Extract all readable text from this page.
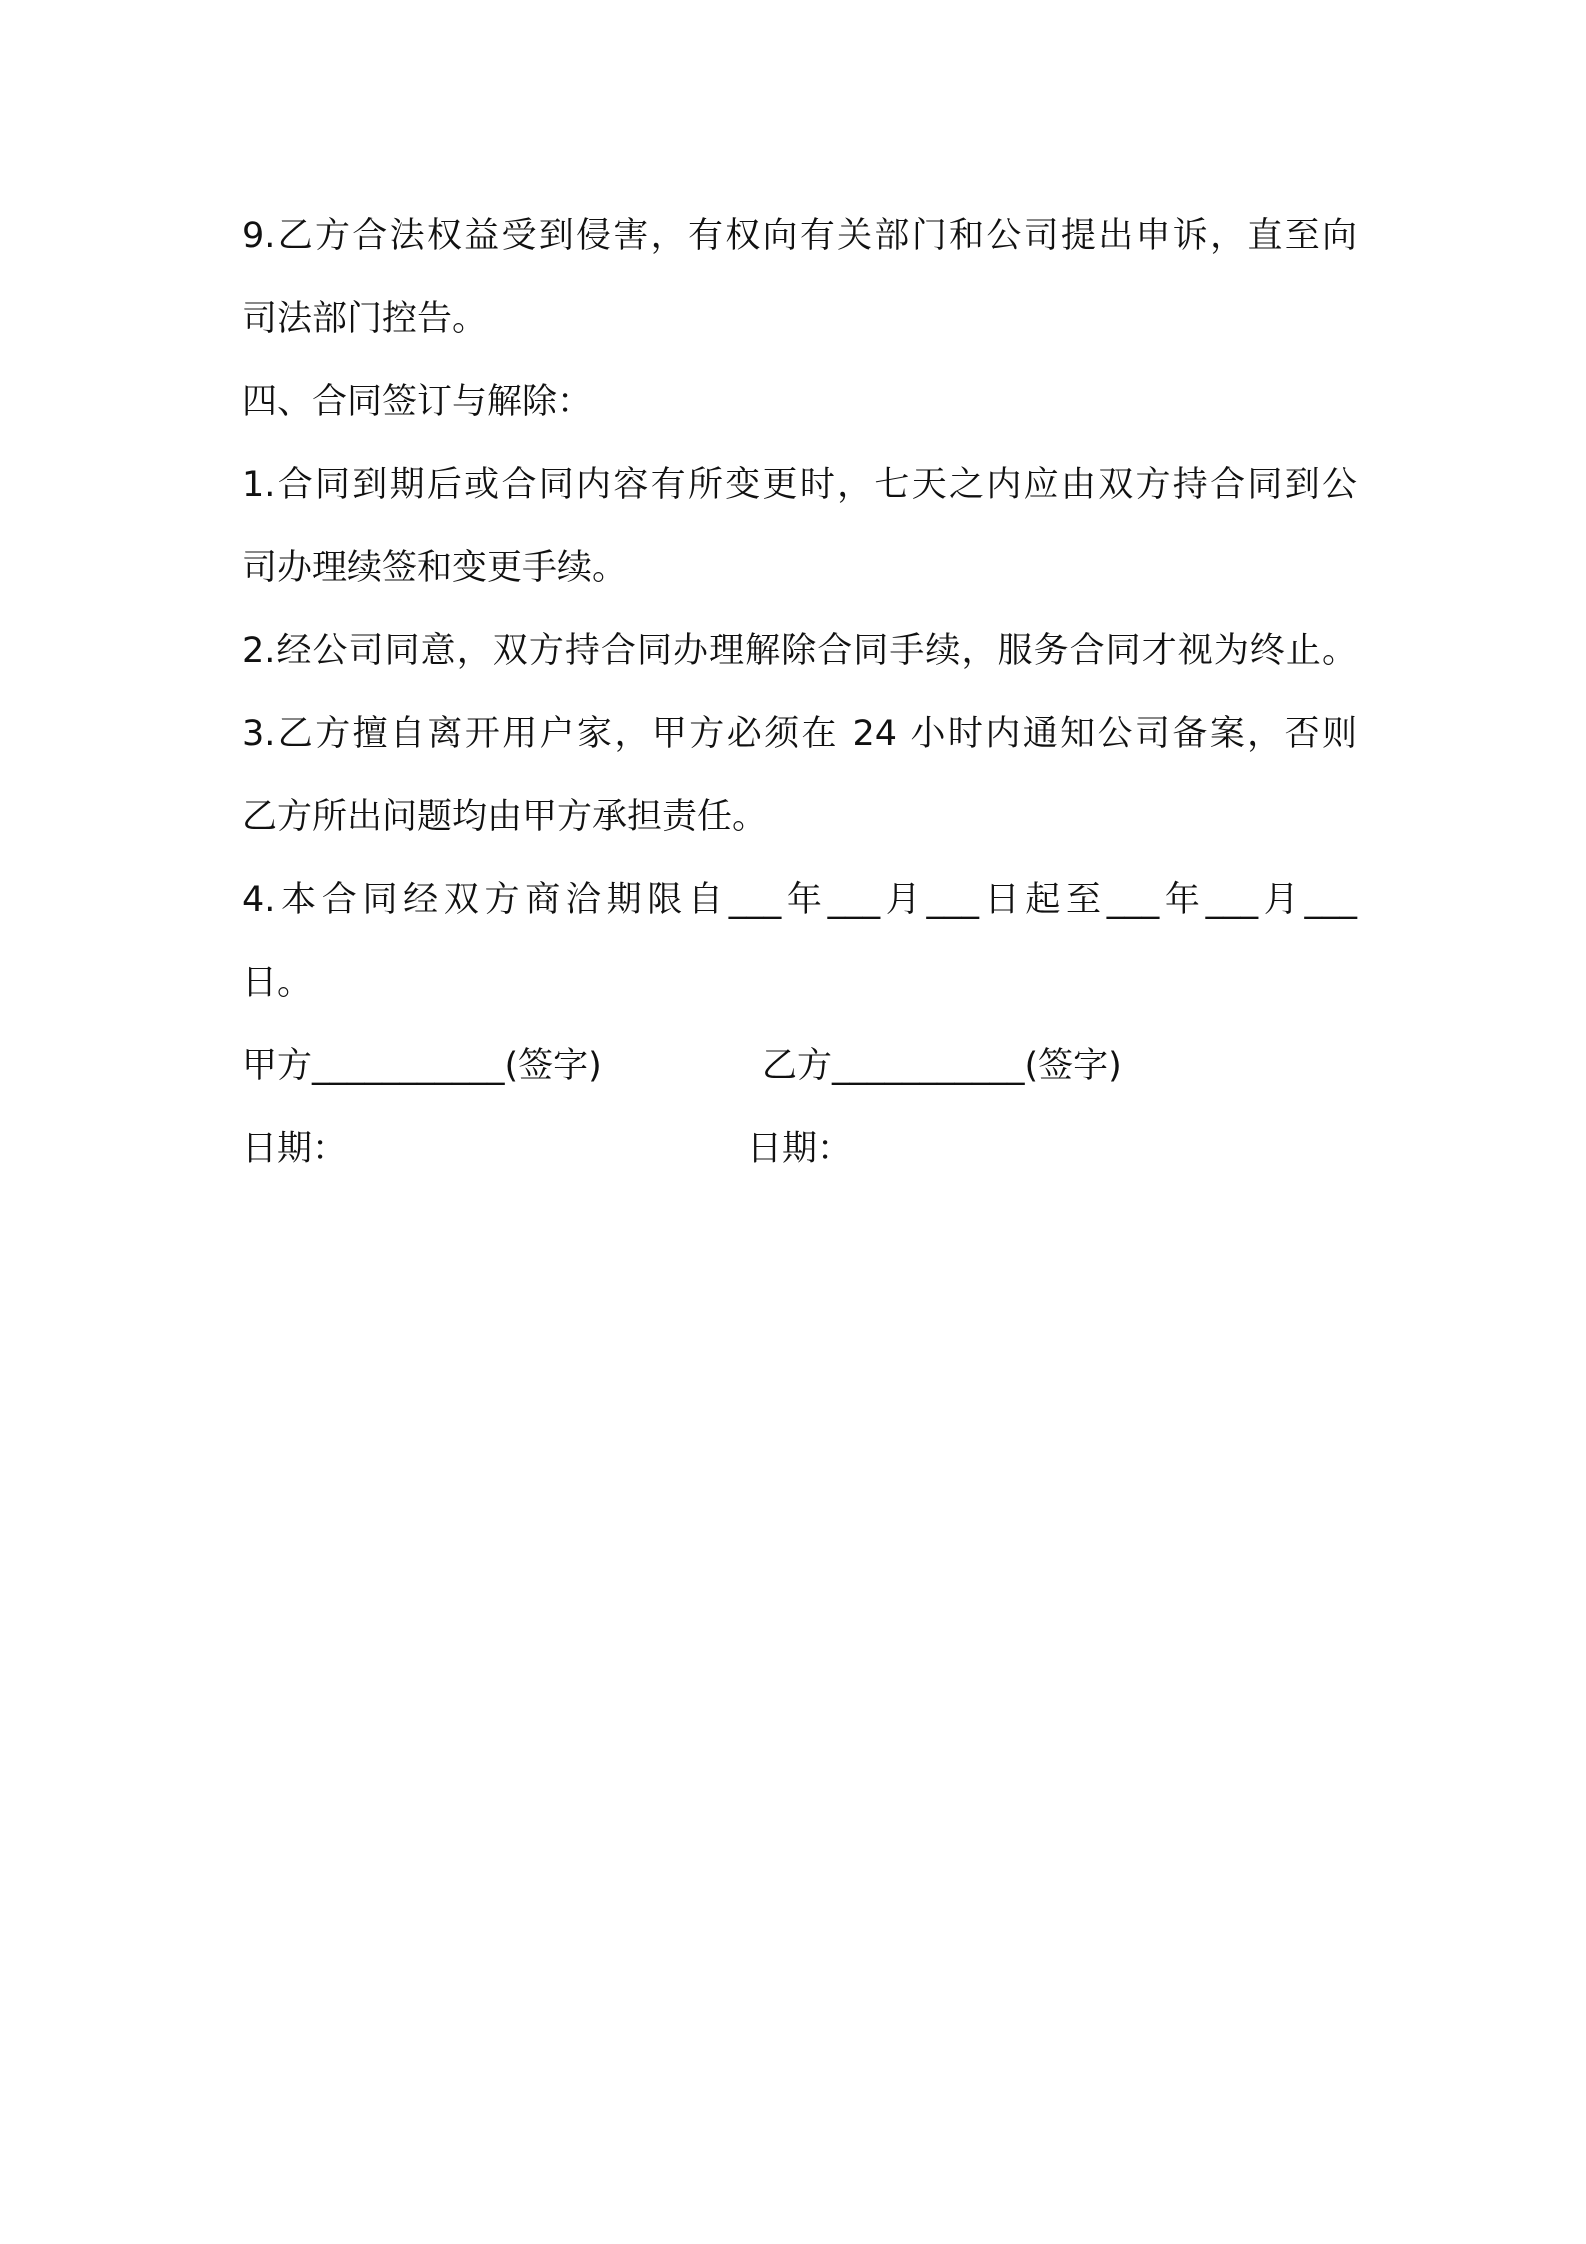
9.乙方合法权益受到侵害，有权向有关部门和公司提出申诉，直至向
司法部门控告。
四、合同签订与解除：
1.合同到期后或合同内容有所变更时，七天之内应由双方持合同到公
司办理续签和变更手续。
2.经公司同意，双方持合同办理解除合同手续，服务合同才视为终止。
3.乙方擅自离开用户家，甲方必须在 24 小时内通知公司备案，否则
乙方所出问题均由甲方承担责任。
4.本合同经双方商洽期限自___年___月___日起至___年___月___
日。
甲方___________(签字)	乙方___________(签字)
日期：	日期：
